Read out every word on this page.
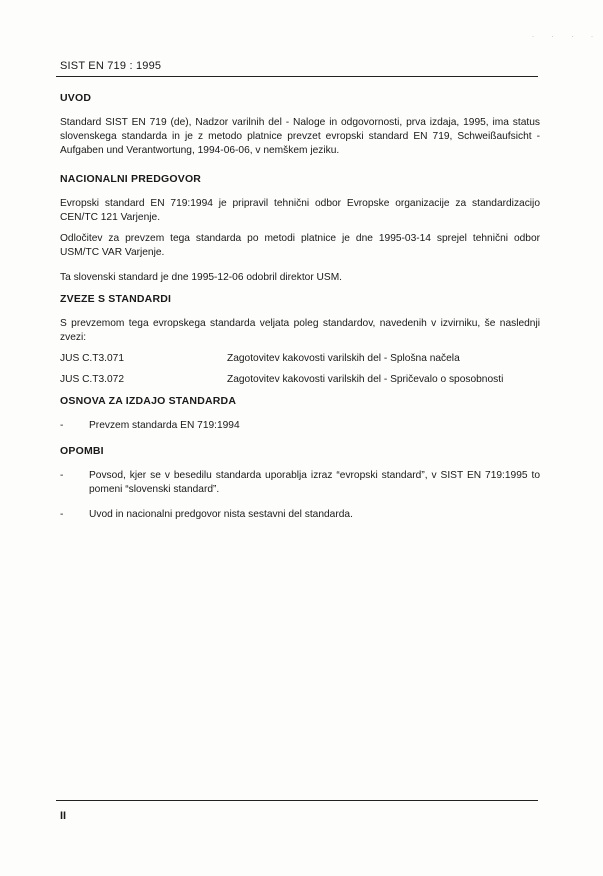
· · · ·
SIST EN 719 : 1995
UVOD

Standard SIST EN 719 (de), Nadzor varilnih del - Naloge in odgovornosti, prva izdaja, 1995, ima status slovenskega standarda in je z metodo platnice prevzet evropski standard EN 719, Schweißaufsicht - Aufgaben und Verantwortung, 1994-06-06, v nemškem jeziku.

NACIONALNI PREDGOVOR

Evropski standard EN 719:1994 je pripravil tehnični odbor Evropske organizacije za standardizacijo CEN/TC 121 Varjenje.

Odločitev za prevzem tega standarda po metodi platnice je dne 1995-03-14 sprejel tehnični odbor USM/TC VAR Varjenje.

Ta slovenski standard je dne 1995-12-06 odobril direktor USM.

ZVEZE S STANDARDI

S prevzemom tega evropskega standarda veljata poleg standardov, navedenih v izvirniku, še naslednji zvezi:

JUS C.T3.071	Zagotovitev kakovosti varilskih del - Splošna načela
JUS C.T3.072	Zagotovitev kakovosti varilskih del - Spričevalo o sposobnosti
OSNOVA ZA IZDAJO STANDARDA
-	Prevzem standarda EN 719:1994
OPOMBI
-	Povsod, kjer se v besedilu standarda uporablja izraz “evropski standard”, v SIST EN 719:1995 to pomeni “slovenski standard”.
-	Uvod in nacionalni predgovor nista sestavni del standarda.
II
